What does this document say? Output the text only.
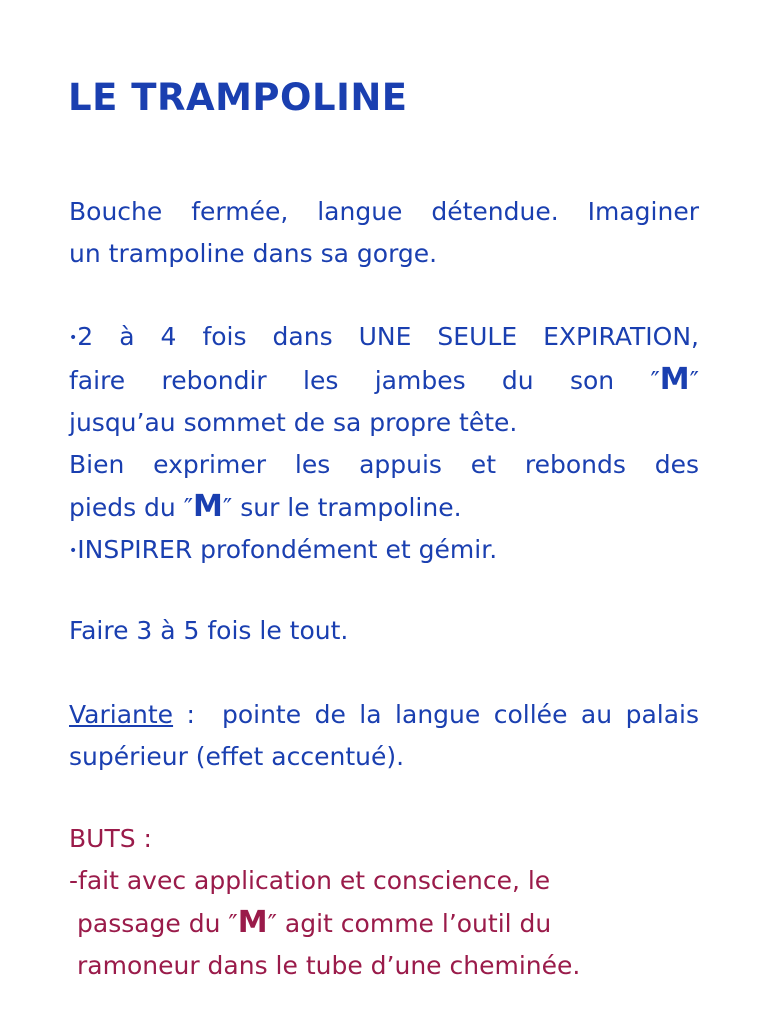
LE TRAMPOLINE
Bouche fermée, langue détendue. Imaginer
un trampoline dans sa gorge.
•2 à 4 fois dans UNE SEULE EXPIRATION,
faire rebondir les jambes du son ″M″
jusqu’au sommet de sa propre tête.
Bien exprimer les appuis et rebonds des
pieds du ″M″ sur le trampoline.
•INSPIRER profondément et gémir.
Faire 3 à 5 fois le tout.
Variante :  pointe de la langue collée au palais
supérieur (effet accentué).
BUTS :
-fait avec application et conscience, le
passage du ″M″ agit comme l’outil du
ramoneur dans le tube d’une cheminée.
